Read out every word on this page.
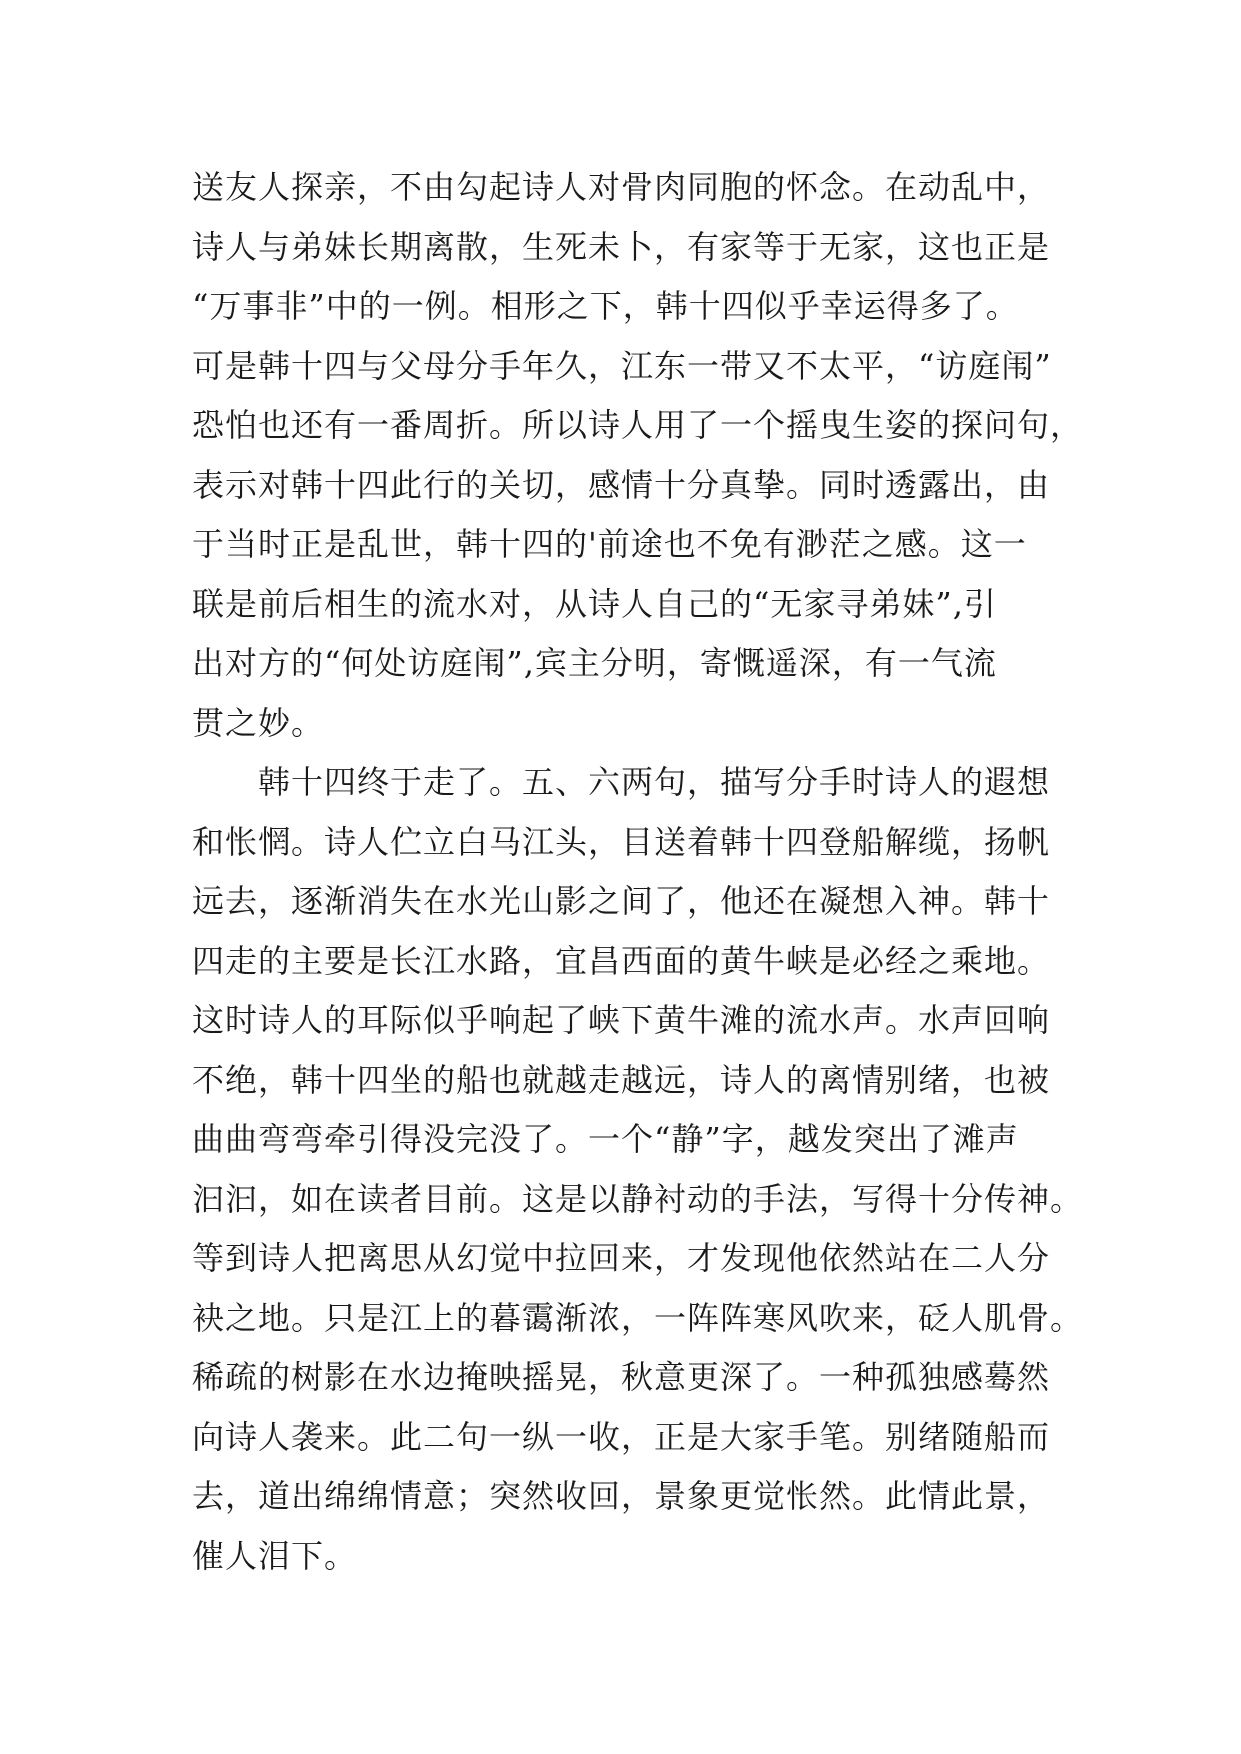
送友人探亲，不由勾起诗人对骨肉同胞的怀念。在动乱中，
诗人与弟妹长期离散，生死未卜，有家等于无家，这也正是
“万事非”中的一例。相形之下，韩十四似乎幸运得多了。
可是韩十四与父母分手年久，江东一带又不太平，“访庭闱”
恐怕也还有一番周折。所以诗人用了一个摇曳生姿的探问句，
表示对韩十四此行的关切，感情十分真挚。同时透露出，由
于当时正是乱世，韩十四的'前途也不免有渺茫之感。这一
联是前后相生的流水对，从诗人自己的“无家寻弟妹”,引
出对方的“何处访庭闱”,宾主分明，寄慨遥深，有一气流
贯之妙。
　　韩十四终于走了。五、六两句，描写分手时诗人的遐想
和怅惘。诗人伫立白马江头，目送着韩十四登船解缆，扬帆
远去，逐渐消失在水光山影之间了，他还在凝想入神。韩十
四走的主要是长江水路，宜昌西面的黄牛峡是必经之乘地。
这时诗人的耳际似乎响起了峡下黄牛滩的流水声。水声回响
不绝，韩十四坐的船也就越走越远，诗人的离情别绪，也被
曲曲弯弯牵引得没完没了。一个“静”字，越发突出了滩声
汩汩，如在读者目前。这是以静衬动的手法，写得十分传神。
等到诗人把离思从幻觉中拉回来，才发现他依然站在二人分
袂之地。只是江上的暮霭渐浓，一阵阵寒风吹来，砭人肌骨。
稀疏的树影在水边掩映摇晃，秋意更深了。一种孤独感蓦然
向诗人袭来。此二句一纵一收，正是大家手笔。别绪随船而
去，道出绵绵情意；突然收回，景象更觉怅然。此情此景，
催人泪下。
